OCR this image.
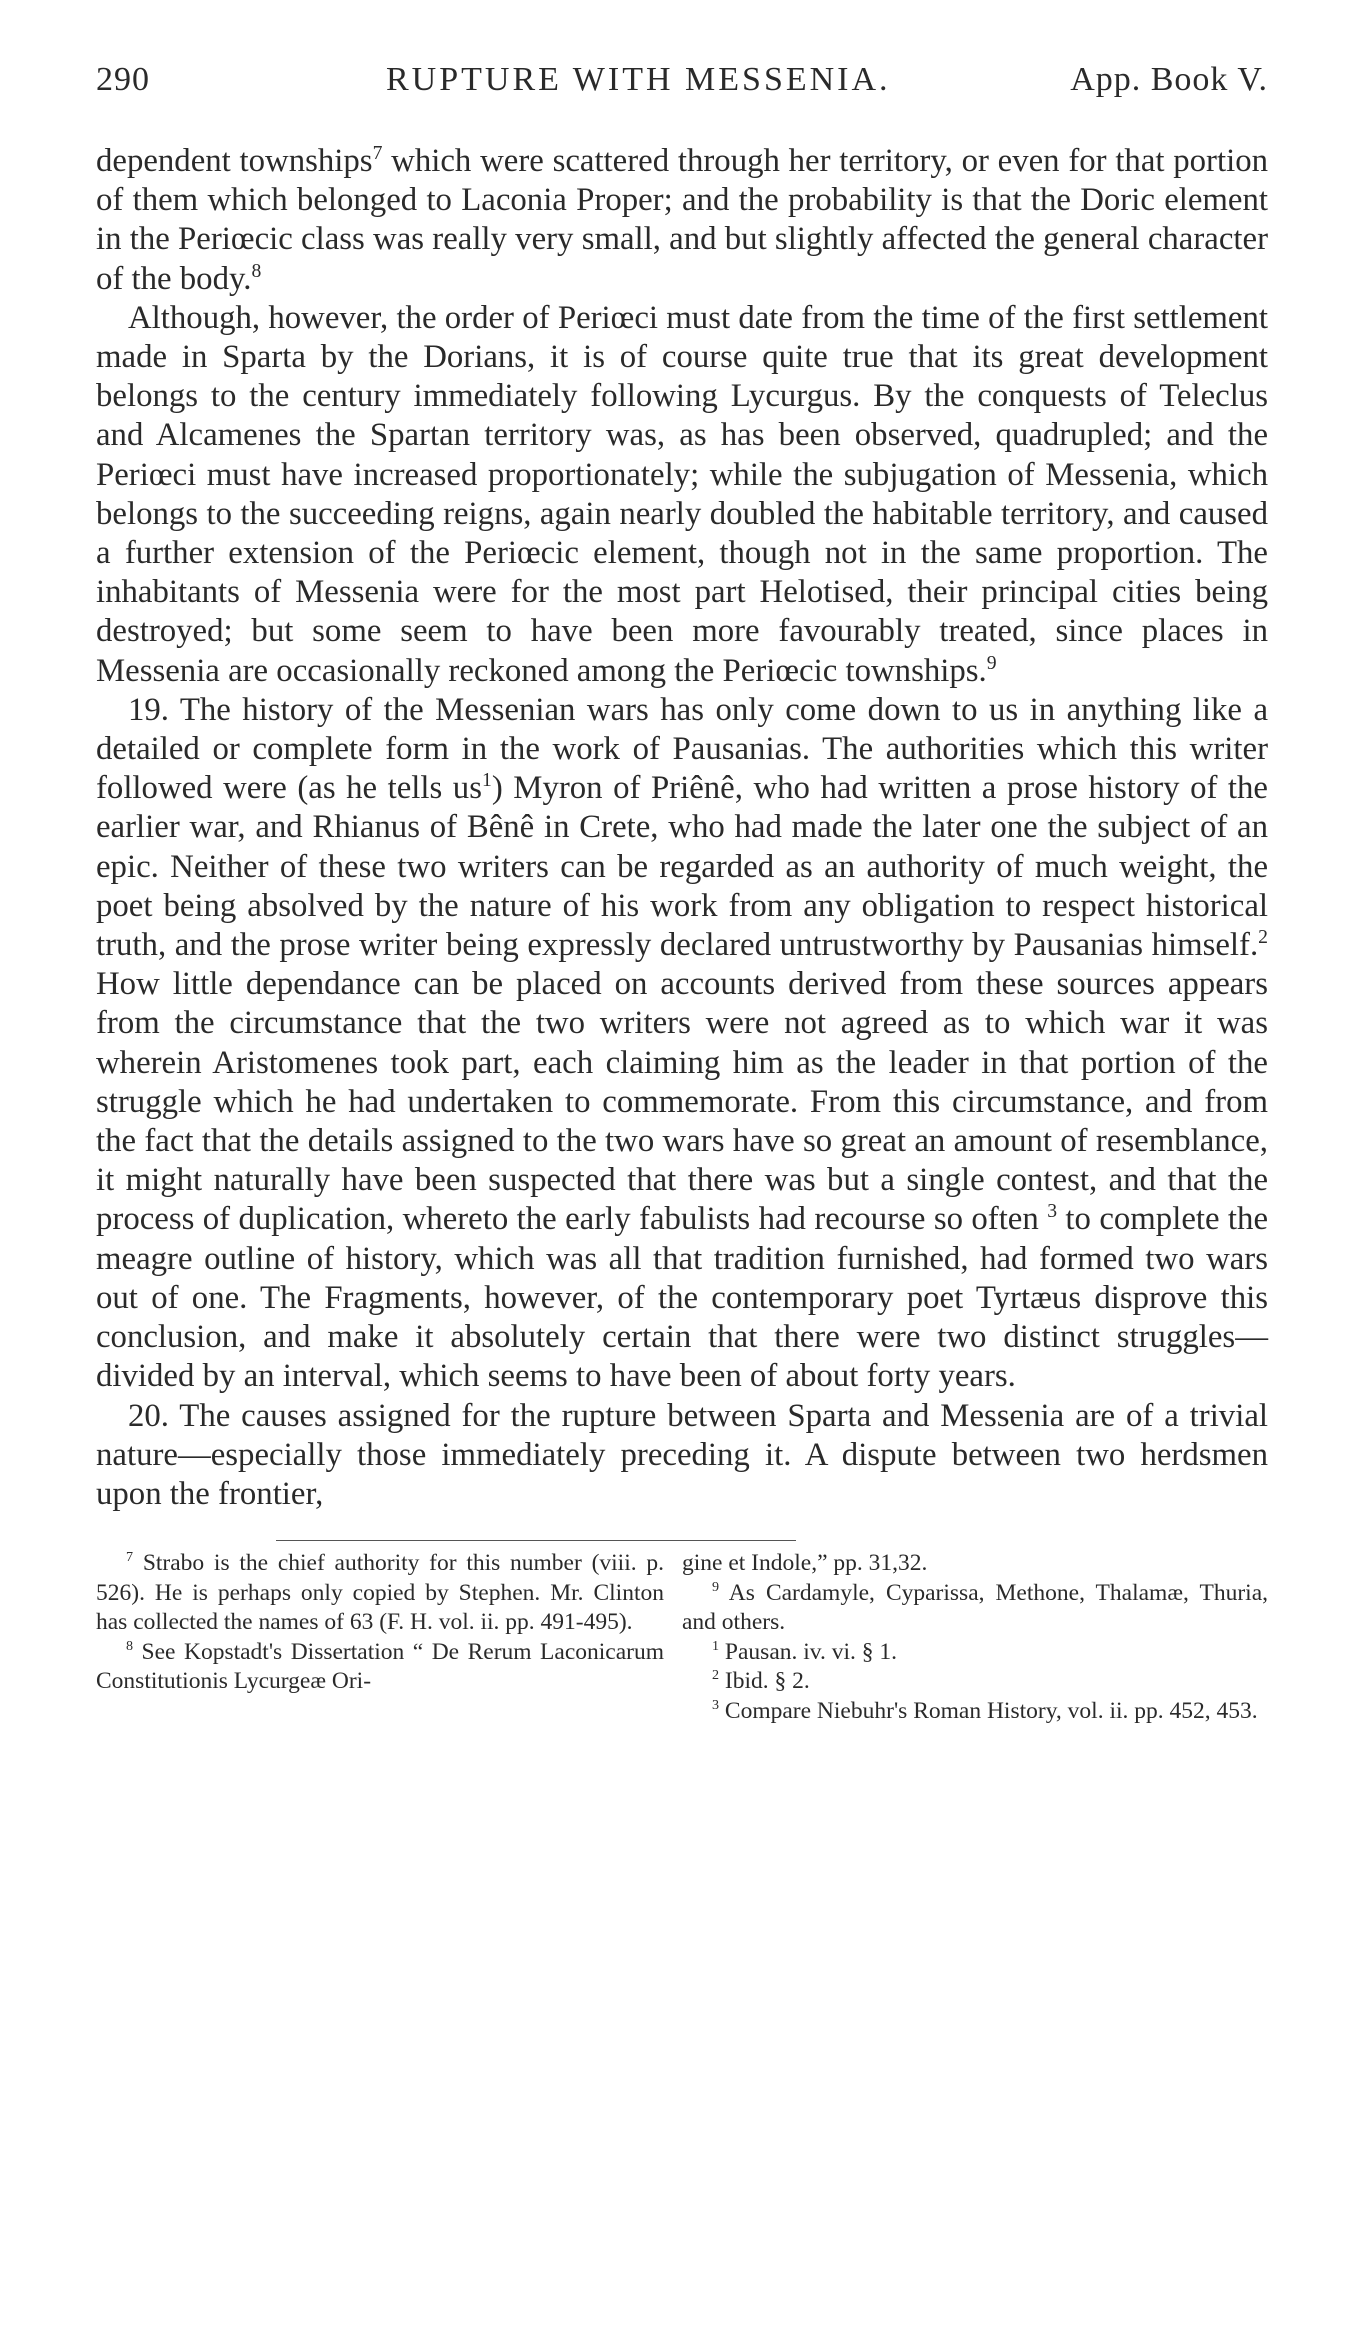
290	RUPTURE WITH MESSENIA.	App. Book V.

dependent townships$^7$ which were scattered through her territory, or even for that portion of them which belonged to Laconia Proper; and the probability is that the Doric element in the Periœcic class was really very small, and but slightly affected the general character of the body.$^8$

Although, however, the order of Periœci must date from the time of the first settlement made in Sparta by the Dorians, it is of course quite true that its great development belongs to the century immediately following Lycurgus. By the conquests of Teleclus and Alcamenes the Spartan territory was, as has been observed, quadrupled; and the Periœci must have increased proportionately; while the subjugation of Messenia, which belongs to the succeeding reigns, again nearly doubled the habitable territory, and caused a further extension of the Periœcic element, though not in the same proportion. The inhabitants of Messenia were for the most part Helotised, their principal cities being destroyed; but some seem to have been more favourably treated, since places in Messenia are occasionally reckoned among the Periœcic townships.$^9$

19. The history of the Messenian wars has only come down to us in anything like a detailed or complete form in the work of Pausanias. The authorities which this writer followed were (as he tells $us^1$) Myron of Priênê, who had written a prose history of the earlier war, and Rhianus of Bênê in Crete, who had made the later one the subject of an epic. Neither of these two writers can be regarded as an authority of much weight, the poet being absolved by the nature of his work from any obligation to respect historical truth, and the prose writer being expressly declared untrustworthy by Pausanias himself.$^2$ How little dependance can be placed on accounts derived from these sources appears from the circumstance that the two writers were not agreed as to which war it was wherein Aristomenes took part, each claiming him as the leader in that portion of the struggle which he had undertaken to commemorate. From this circumstance, and from the fact that the details assigned to the two wars have so great an amount of resemblance, it might naturally have been suspected that there was but a single contest, and that the process of duplication, whereto the early fabulists had recourse so often $^3$ to complete the meagre outline of history, which was all that tradition furnished, had formed two wars out of one. The Fragments, however, of the contemporary poet Tyrtæus disprove this conclusion, and make it absolutely certain that there were two distinct struggles—divided by an interval, which seems to have been of about forty years.

20. The causes assigned for the rupture between Sparta and Messenia are of a trivial nature—especially those immediately preceding it. A dispute between two herdsmen upon the frontier,

$^7$ Strabo is the chief authority for this number (viii. p. 526). He is perhaps only copied by Stephen. Mr. Clinton has collected the names of 63 (F. H. vol. ii. pp. 491-495).

$^8$ See Kopstadt's Dissertation “ De Rerum Laconicarum Constitutionis Lycurgeæ Ori-

gine et Indole,” pp. 31,32.

$^9$ As Cardamyle, Cyparissa, Methone, Thalamæ, Thuria, and others.

$^1$ Pausan. iv. vi. § 1.

$^2$ Ibid. § 2.

$^3$ Compare Niebuhr's Roman History, vol. ii. pp. 452, 453.
